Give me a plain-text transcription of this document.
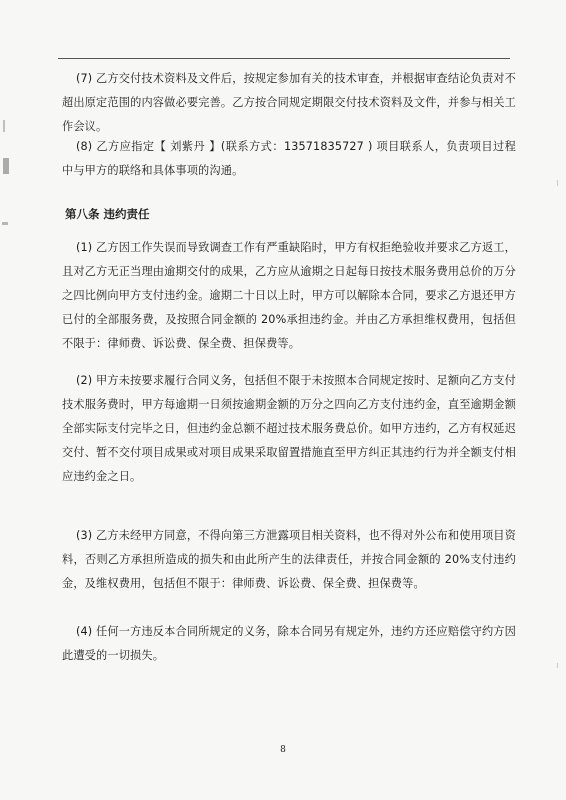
(7) 乙方交付技术资料及文件后，按规定参加有关的技术审查，并根据审查结论负责对不超出原定范围的内容做必要完善。乙方按合同规定期限交付技术资料及文件，并参与相关工作会议。

(8) 乙方应指定【 刘紫丹 】(联系方式：13571835727 ) 项目联系人，负责项目过程中与甲方的联络和具体事项的沟通。

第八条 违约责任

(1) 乙方因工作失误而导致调查工作有严重缺陷时，甲方有权拒绝验收并要求乙方返工，且对乙方无正当理由逾期交付的成果，乙方应从逾期之日起每日按技术服务费用总价的万分之四比例向甲方支付违约金。逾期二十日以上时，甲方可以解除本合同，要求乙方退还甲方已付的全部服务费，及按照合同金额的 20%承担违约金。并由乙方承担维权费用，包括但不限于：律师费、诉讼费、保全费、担保费等。

(2) 甲方未按要求履行合同义务，包括但不限于未按照本合同规定按时、足额向乙方支付技术服务费时，甲方每逾期一日须按逾期金额的万分之四向乙方支付违约金，直至逾期金额全部实际支付完毕之日，但违约金总额不超过技术服务费总价。如甲方违约，乙方有权延迟交付、暂不交付项目成果或对项目成果采取留置措施直至甲方纠正其违约行为并全额支付相应违约金之日。

(3) 乙方未经甲方同意，不得向第三方泄露项目相关资料，也不得对外公布和使用项目资料，否则乙方承担所造成的损失和由此所产生的法律责任，并按合同金额的 20%支付违约金，及维权费用，包括但不限于：律师费、诉讼费、保全费、担保费等。

(4) 任何一方违反本合同所规定的义务，除本合同另有规定外，违约方还应赔偿守约方因此遭受的一切损失。

8
